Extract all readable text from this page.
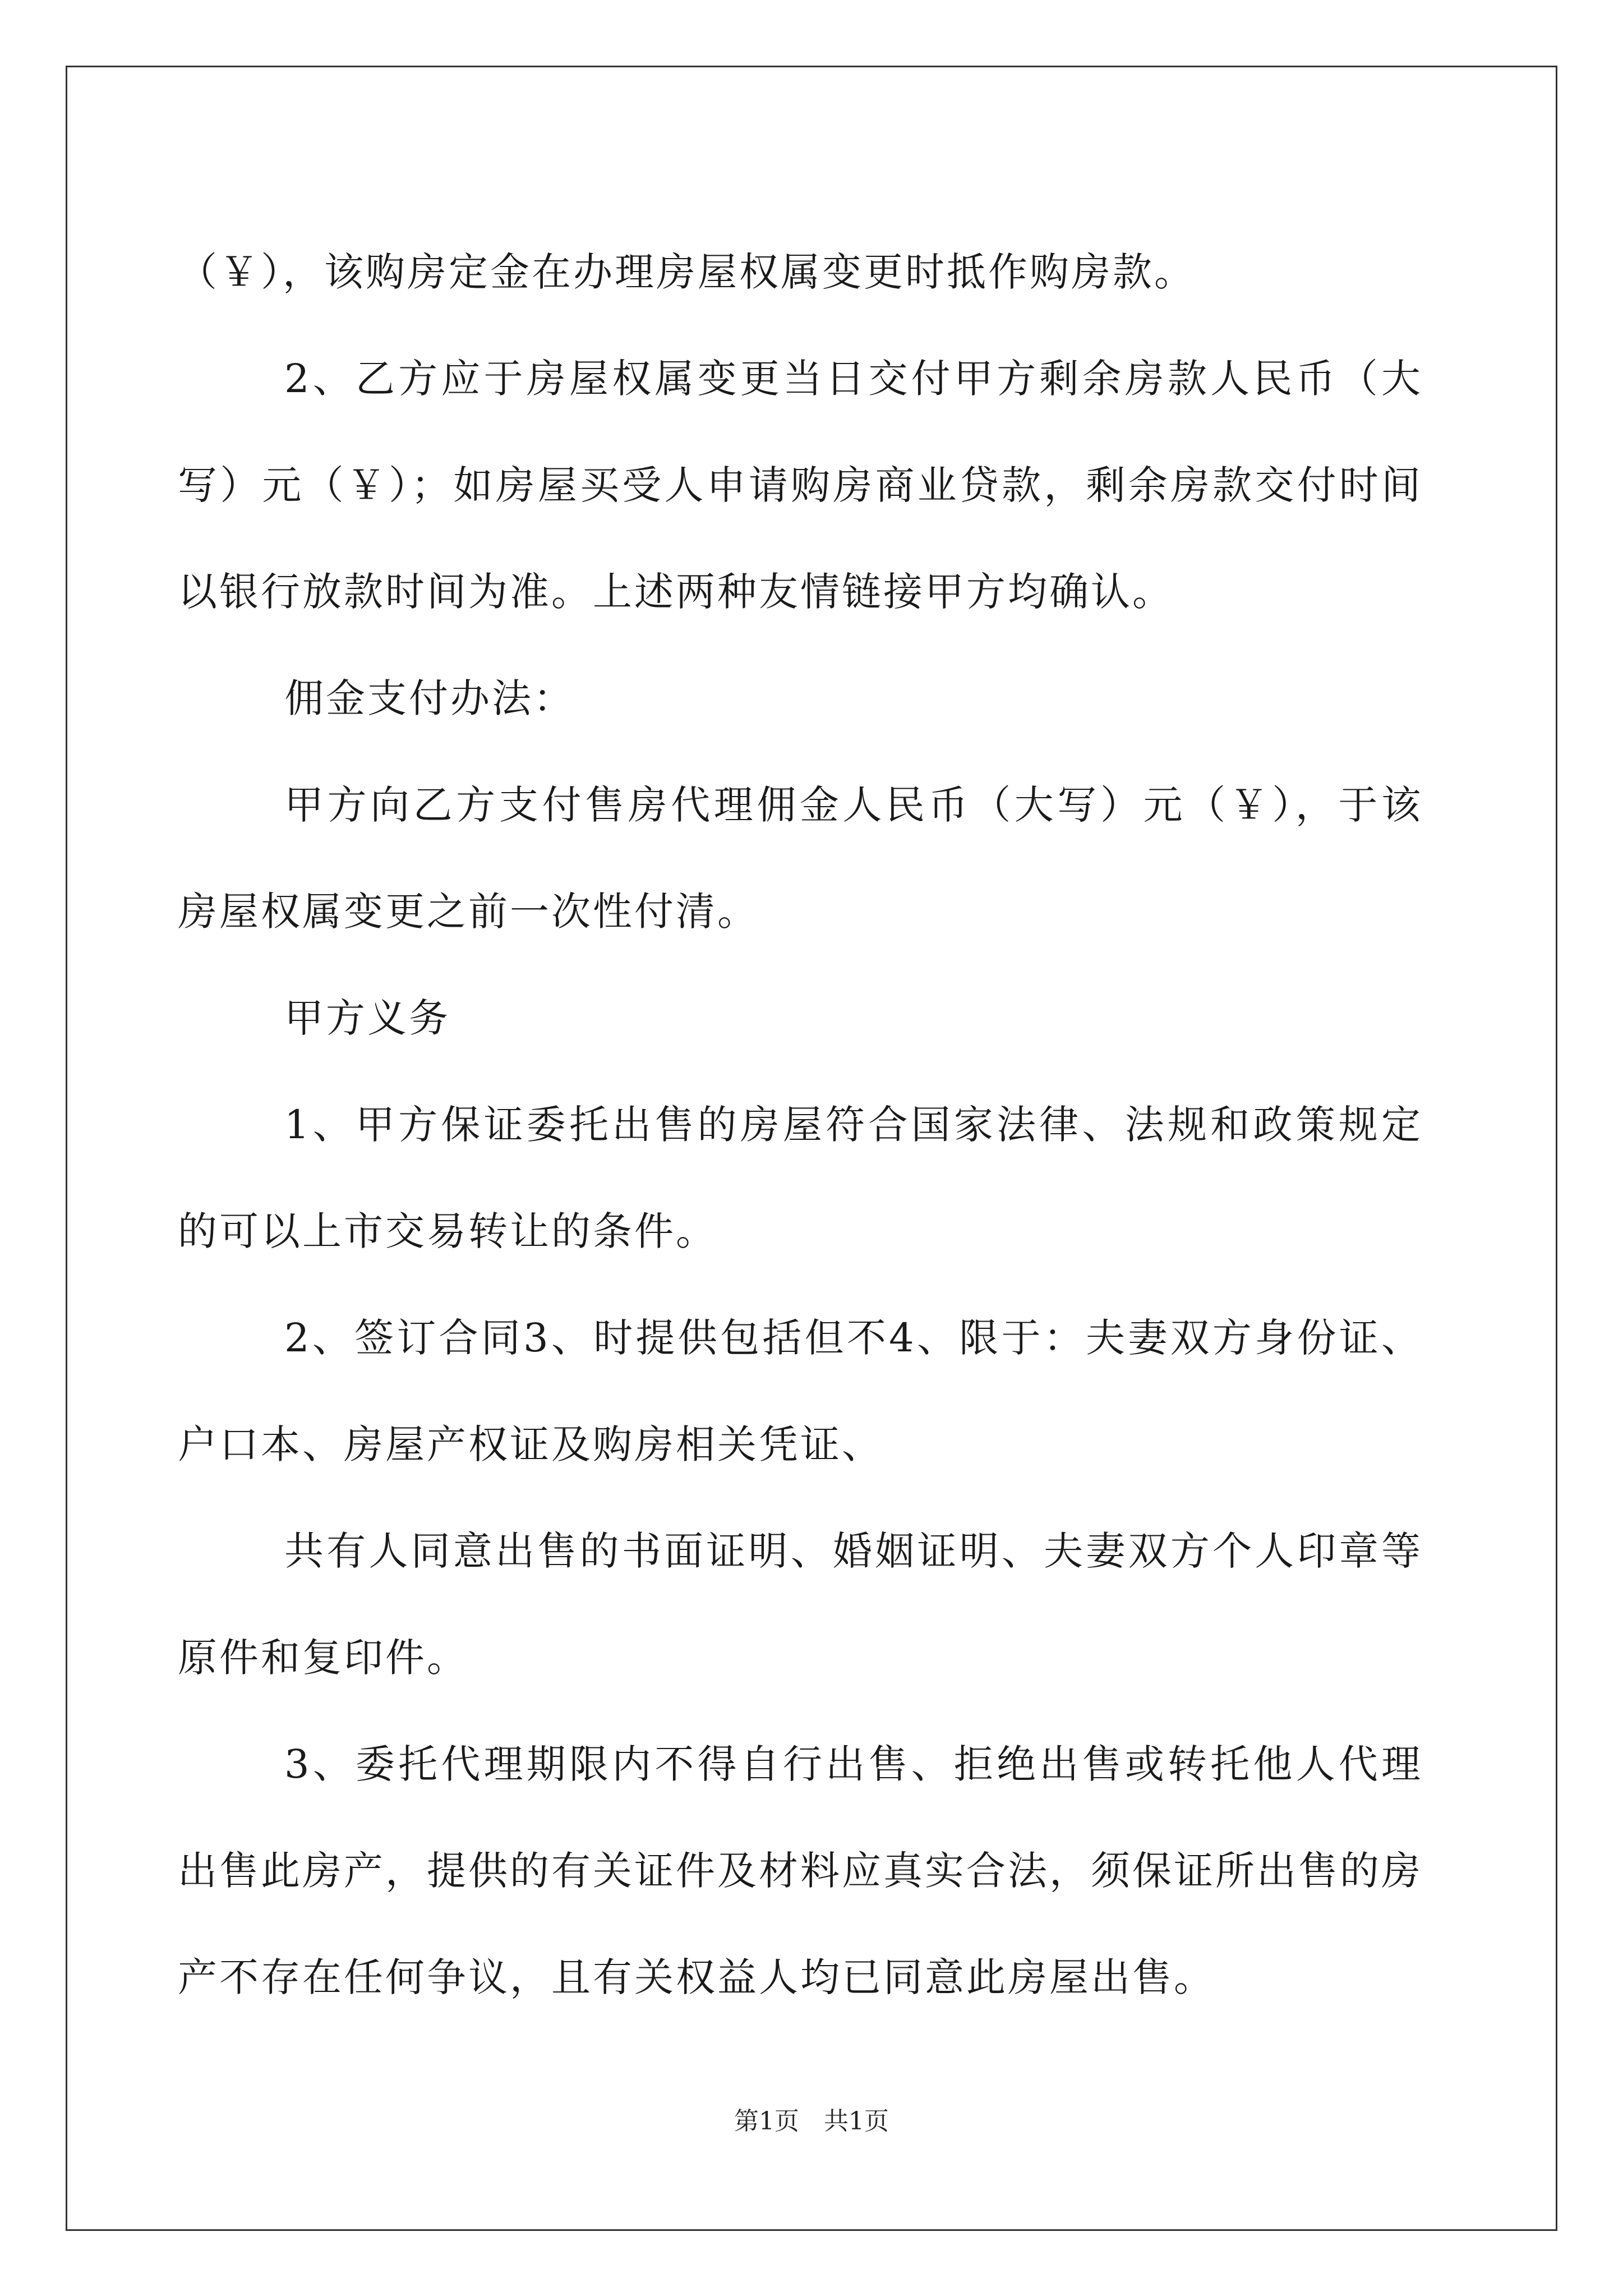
（￥），该购房定金在办理房屋权属变更时抵作购房款。

2、乙方应于房屋权属变更当日交付甲方剩余房款人民币（大写）元（￥）；如房屋买受人申请购房商业贷款，剩余房款交付时间以银行放款时间为准。上述两种友情链接甲方均确认。

佣金支付办法：

甲方向乙方支付售房代理佣金人民币（大写）元（￥），于该房屋权属变更之前一次性付清。

甲方义务

1、甲方保证委托出售的房屋符合国家法律、法规和政策规定的可以上市交易转让的条件。

2、签订合同3、时提供包括但不4、限于：夫妻双方身份证、户口本、房屋产权证及购房相关凭证、

共有人同意出售的书面证明、婚姻证明、夫妻双方个人印章等原件和复印件。

3、委托代理期限内不得自行出售、拒绝出售或转托他人代理出售此房产，提供的有关证件及材料应真实合法，须保证所出售的房产不存在任何争议，且有关权益人均已同意此房屋出售。

第1页　共1页
